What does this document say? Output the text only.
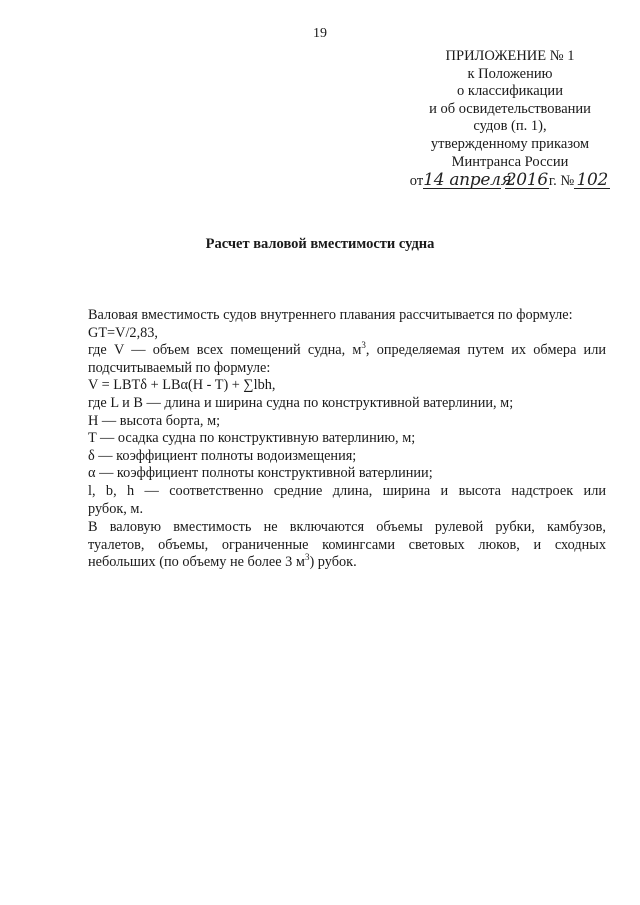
19
ПРИЛОЖЕНИЕ № 1
к Положению
о классификации
и об освидетельствовании
судов (п. 1),
утвержденному приказом
Минтранса России
от14 апреля 2016г. № 102
Расчет валовой вместимости судна

Валовая вместимость судов внутреннего плавания рассчитывается по формуле:

GT=V/2,83,

где V — объем всех помещений судна, $м^3$, определяемая путем их обмера или

подсчитываемый по формуле:

V = LBTδ + LBα(H - T) + ∑lbh,

где L и B — длина и ширина судна по конструктивной ватерлинии, м;

H — высота борта, м;

T — осадка судна по конструктивную ватерлинию, м;

δ — коэффициент полноты водоизмещения;

α — коэффициент полноты конструктивной ватерлинии;

l, b, h — соответственно средние длина, ширина и высота надстроек или

рубок, м.

В валовую вместимость не включаются объемы рулевой рубки, камбузов,

туалетов, объемы, ограниченные комингсами световых люков, и сходных

небольших (по объему не более 3 $м^3$) рубок.
